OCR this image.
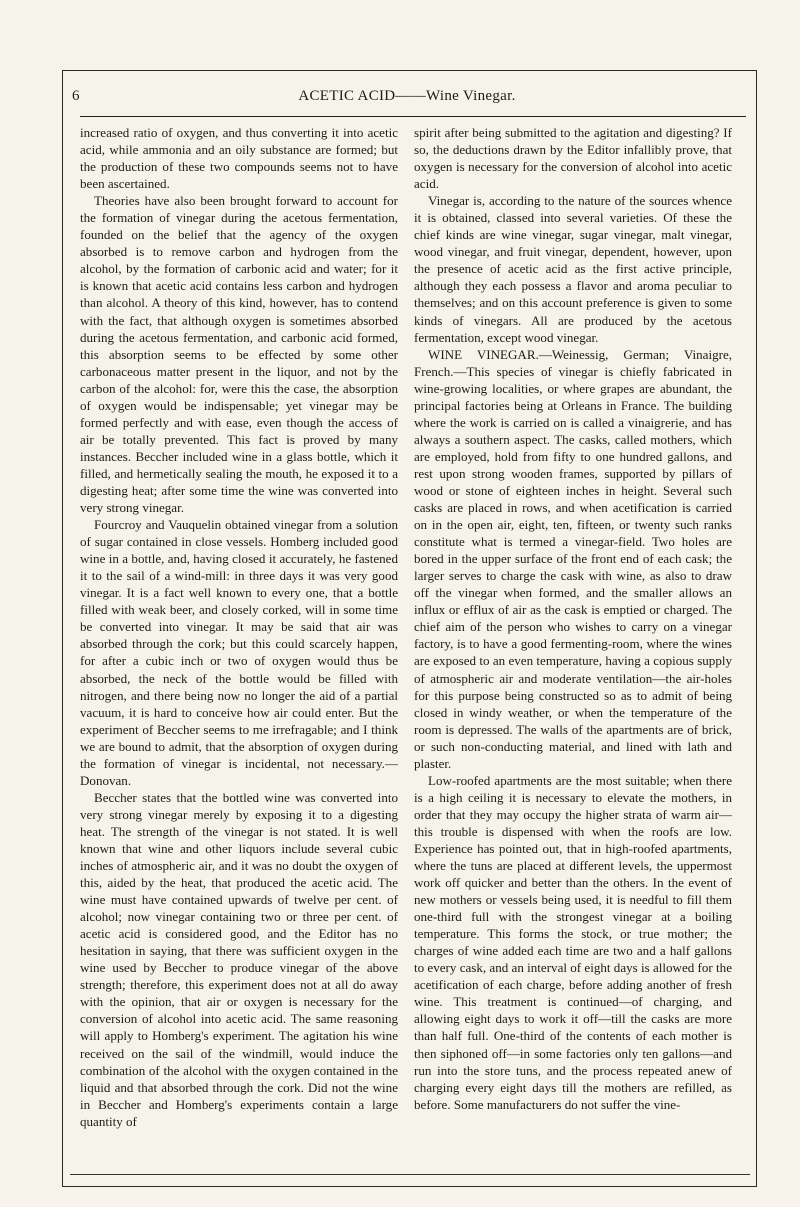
6	ACETIC ACID——Wine Vinegar.

increased ratio of oxygen, and thus converting it into acetic acid, while ammonia and an oily substance are formed; but the production of these two compounds seems not to have been ascertained.

Theories have also been brought forward to account for the formation of vinegar during the acetous fermentation, founded on the belief that the agency of the oxygen absorbed is to remove carbon and hydrogen from the alcohol, by the formation of carbonic acid and water; for it is known that acetic acid contains less carbon and hydrogen than alcohol. A theory of this kind, however, has to contend with the fact, that although oxygen is sometimes absorbed during the acetous fermentation, and carbonic acid formed, this absorption seems to be effected by some other carbonaceous matter present in the liquor, and not by the carbon of the alcohol: for, were this the case, the absorption of oxygen would be indispensable; yet vinegar may be formed perfectly and with ease, even though the access of air be totally prevented. This fact is proved by many instances. Beccher included wine in a glass bottle, which it filled, and hermetically sealing the mouth, he exposed it to a digesting heat; after some time the wine was converted into very strong vinegar.

Fourcroy and Vauquelin obtained vinegar from a solution of sugar contained in close vessels. Homberg included good wine in a bottle, and, having closed it accurately, he fastened it to the sail of a wind-mill: in three days it was very good vinegar. It is a fact well known to every one, that a bottle filled with weak beer, and closely corked, will in some time be converted into vinegar. It may be said that air was absorbed through the cork; but this could scarcely happen, for after a cubic inch or two of oxygen would thus be absorbed, the neck of the bottle would be filled with nitrogen, and there being now no longer the aid of a partial vacuum, it is hard to conceive how air could enter. But the experiment of Beccher seems to me irrefragable; and I think we are bound to admit, that the absorption of oxygen during the formation of vinegar is incidental, not necessary.—Donovan.

Beccher states that the bottled wine was converted into very strong vinegar merely by exposing it to a digesting heat. The strength of the vinegar is not stated. It is well known that wine and other liquors include several cubic inches of atmospheric air, and it was no doubt the oxygen of this, aided by the heat, that produced the acetic acid. The wine must have contained upwards of twelve per cent. of alcohol; now vinegar containing two or three per cent. of acetic acid is considered good, and the Editor has no hesitation in saying, that there was sufficient oxygen in the wine used by Beccher to produce vinegar of the above strength; therefore, this experiment does not at all do away with the opinion, that air or oxygen is necessary for the conversion of alcohol into acetic acid. The same reasoning will apply to Homberg's experiment. The agitation his wine received on the sail of the windmill, would induce the combination of the alcohol with the oxygen contained in the liquid and that absorbed through the cork. Did not the wine in Beccher and Homberg's experiments contain a large quantity of

spirit after being submitted to the agitation and digesting? If so, the deductions drawn by the Editor infallibly prove, that oxygen is necessary for the conversion of alcohol into acetic acid.

Vinegar is, according to the nature of the sources whence it is obtained, classed into several varieties. Of these the chief kinds are wine vinegar, sugar vinegar, malt vinegar, wood vinegar, and fruit vinegar, dependent, however, upon the presence of acetic acid as the first active principle, although they each possess a flavor and aroma peculiar to themselves; and on this account preference is given to some kinds of vinegars. All are produced by the acetous fermentation, except wood vinegar.

WINE VINEGAR.—Weinessig, German; Vinaigre, French.—This species of vinegar is chiefly fabricated in wine-growing localities, or where grapes are abundant, the principal factories being at Orleans in France. The building where the work is carried on is called a vinaigrerie, and has always a southern aspect. The casks, called mothers, which are employed, hold from fifty to one hundred gallons, and rest upon strong wooden frames, supported by pillars of wood or stone of eighteen inches in height. Several such casks are placed in rows, and when acetification is carried on in the open air, eight, ten, fifteen, or twenty such ranks constitute what is termed a vinegar-field. Two holes are bored in the upper surface of the front end of each cask; the larger serves to charge the cask with wine, as also to draw off the vinegar when formed, and the smaller allows an influx or efflux of air as the cask is emptied or charged. The chief aim of the person who wishes to carry on a vinegar factory, is to have a good fermenting-room, where the wines are exposed to an even temperature, having a copious supply of atmospheric air and moderate ventilation—the air-holes for this purpose being constructed so as to admit of being closed in windy weather, or when the temperature of the room is depressed. The walls of the apartments are of brick, or such non-conducting material, and lined with lath and plaster.

Low-roofed apartments are the most suitable; when there is a high ceiling it is necessary to elevate the mothers, in order that they may occupy the higher strata of warm air—this trouble is dispensed with when the roofs are low. Experience has pointed out, that in high-roofed apartments, where the tuns are placed at different levels, the uppermost work off quicker and better than the others. In the event of new mothers or vessels being used, it is needful to fill them one-third full with the strongest vinegar at a boiling temperature. This forms the stock, or true mother; the charges of wine added each time are two and a half gallons to every cask, and an interval of eight days is allowed for the acetification of each charge, before adding another of fresh wine. This treatment is continued—of charging, and allowing eight days to work it off—till the casks are more than half full. One-third of the contents of each mother is then siphoned off—in some factories only ten gallons—and run into the store tuns, and the process repeated anew of charging every eight days till the mothers are refilled, as before. Some manufacturers do not suffer the vine-
